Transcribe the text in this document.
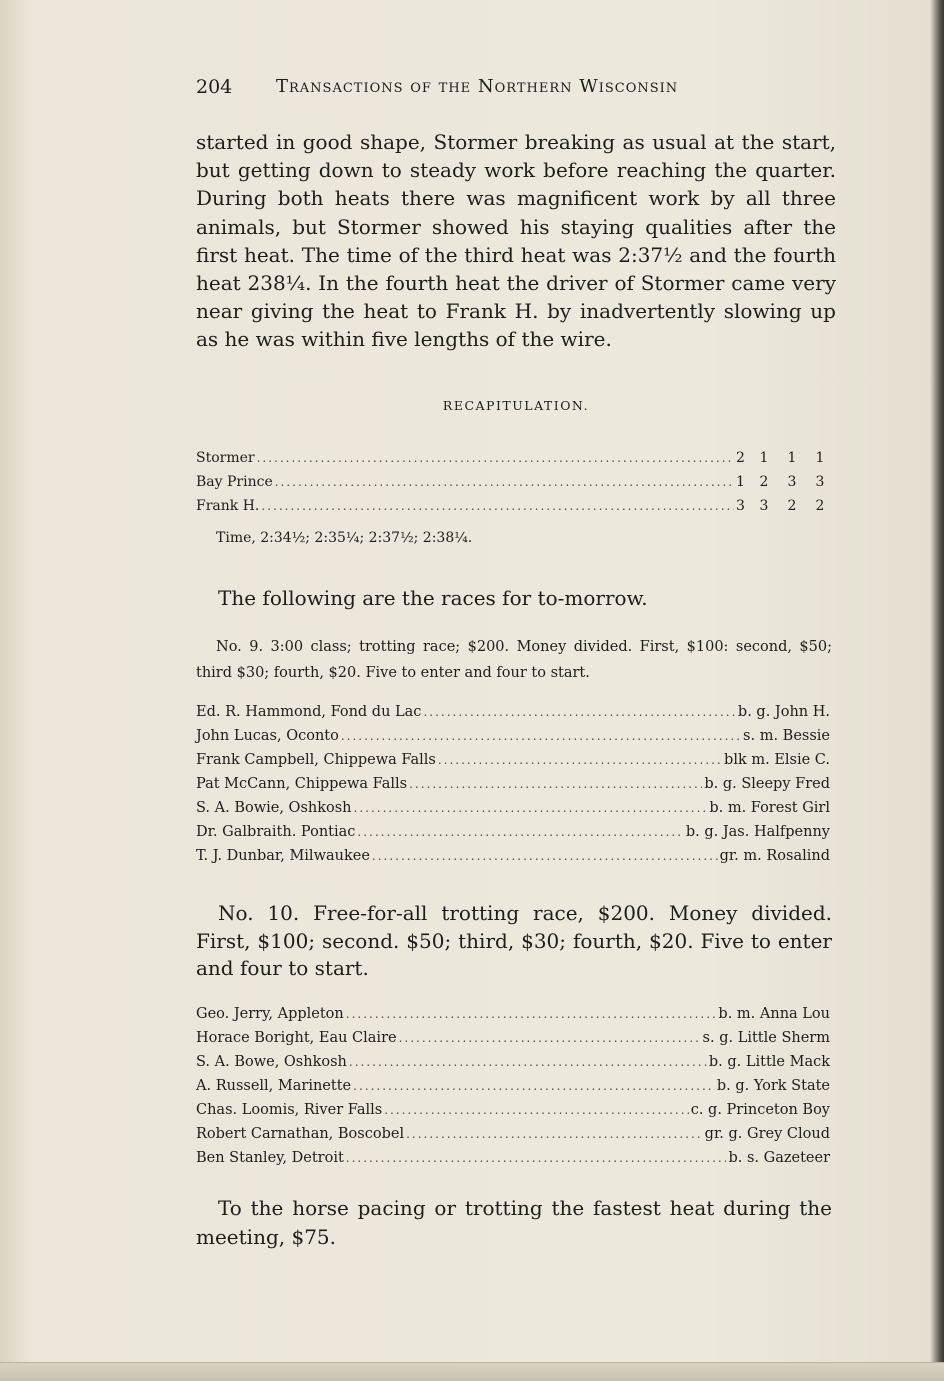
204 Transactions of the Northern Wisconsin

started in good shape, Stormer breaking as usual at the start, but getting down to steady work before reaching the quarter. During both heats there was magnificent work by all three animals, but Stormer showed his staying qualities after the first heat. The time of the third heat was 2:37½ and the fourth heat 238¼. In the fourth heat the driver of Stormer came very near giving the heat to Frank H. by inadvertently slowing up as he was within five lengths of the wire.

RECAPITULATION.
Stormer .....	2	1	1	1
Bay Prince .....	1	2	3	3
Frank H. .....	3	3	2	2
Time, 2:34½; 2:35¼; 2:37½; 2:38¼.
The following are the races for to-morrow.

No. 9. 3:00 class; trotting race; $200. Money divided. First, $100: second, $50; third $30; fourth, $20. Five to enter and four to start.

Ed. R. Hammond, Fond du Lac .....	b. g. John H.
John Lucas, Oconto .....	s. m. Bessie
Frank Campbell, Chippewa Falls .....	blk m. Elsie C.
Pat McCann, Chippewa Falls .....	b. g. Sleepy Fred
S. A. Bowie, Oshkosh .....	b. m. Forest Girl
Dr. Galbraith. Pontiac .....	b. g. Jas. Halfpenny
T. J. Dunbar, Milwaukee .....	gr. m. Rosalind

No. 10. Free-for-all trotting race, $200. Money divided. First, $100; second. $50; third, $30; fourth, $20. Five to enter and four to start.

Geo. Jerry, Appleton .....	b. m. Anna Lou
Horace Boright, Eau Claire .....	s. g. Little Sherm
S. A. Bowe, Oshkosh .....	b. g. Little Mack
A. Russell, Marinette .....	b. g. York State
Chas. Loomis, River Falls .....	c. g. Princeton Boy
Robert Carnathan, Boscobel .....	gr. g. Grey Cloud
Ben Stanley, Detroit .....	b. s. Gazeteer

To the horse pacing or trotting the fastest heat during the meeting, $75.
